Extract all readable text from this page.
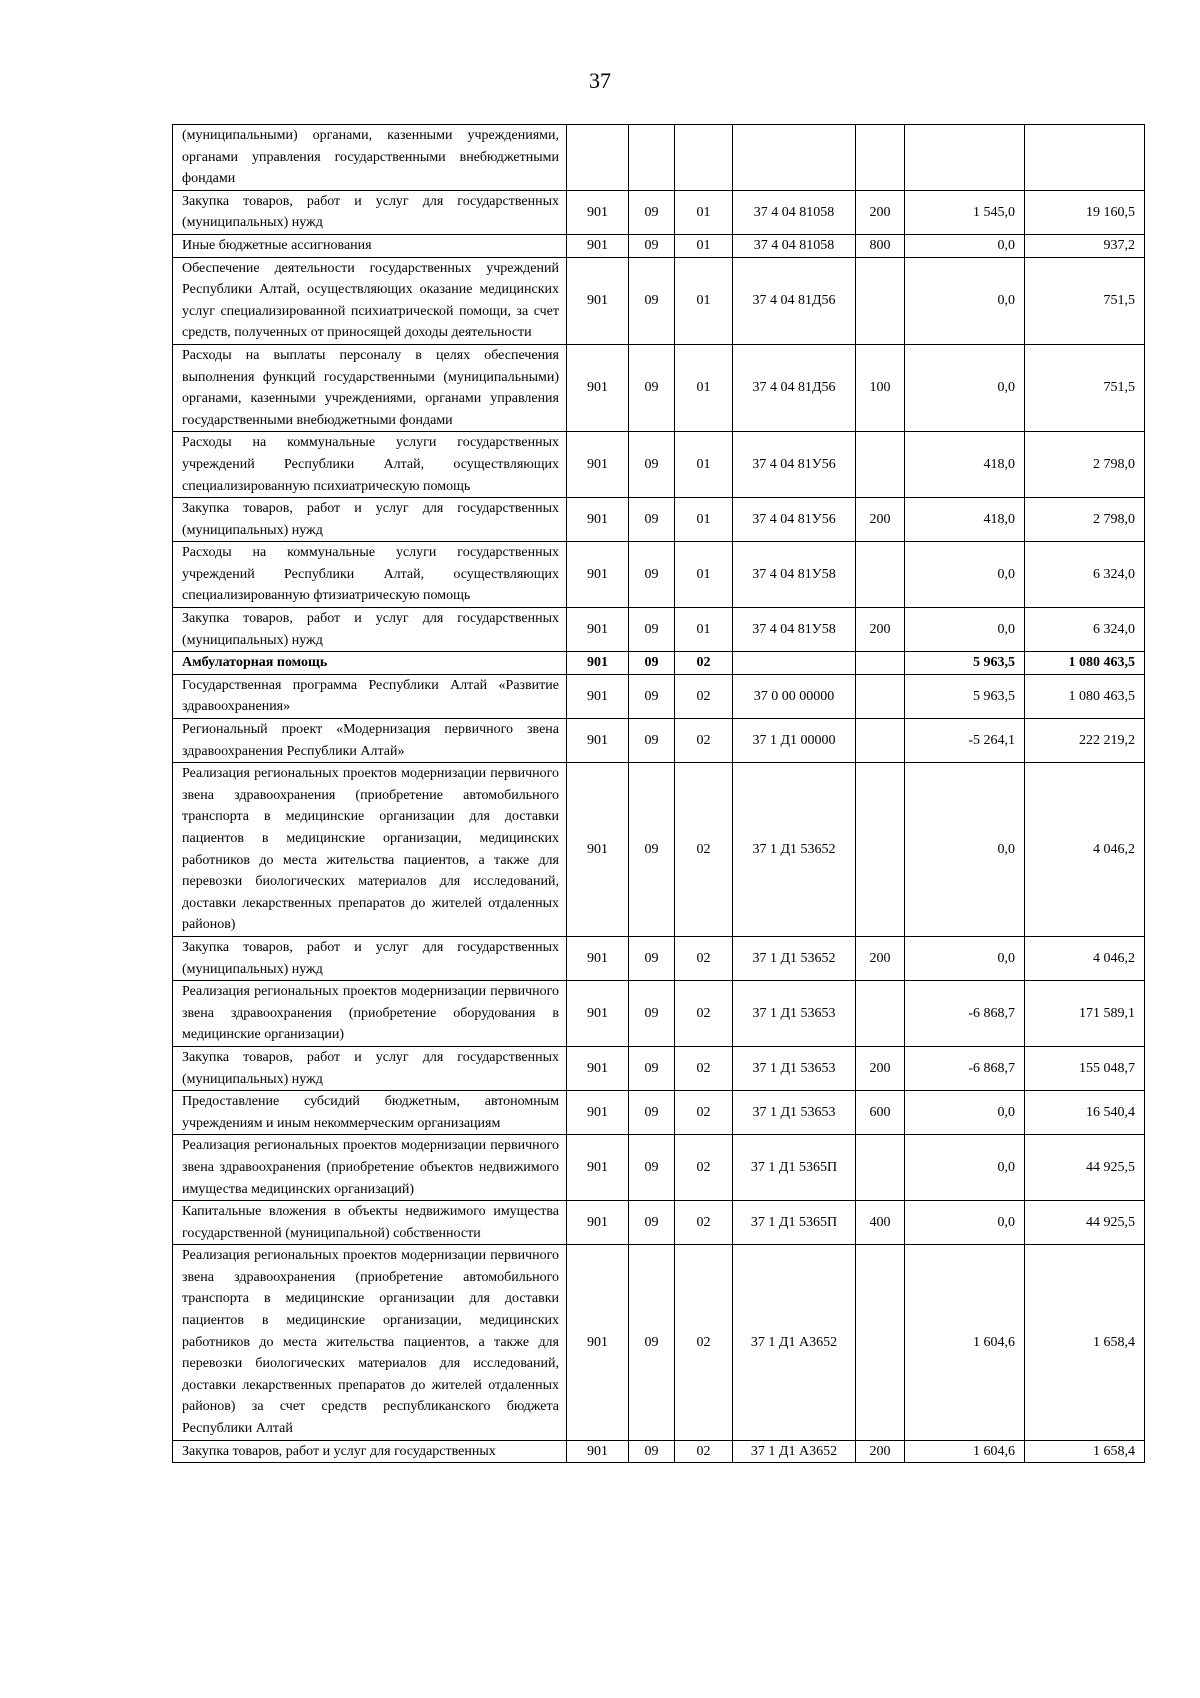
37
(муниципальными) органами, казенными учреждениями, органами управления государственными внебюджетными фондами							
Закупка товаров, работ и услуг для государственных (муниципальных) нужд	901	09	01	37 4 04 81058	200	1 545,0	19 160,5
Иные бюджетные ассигнования	901	09	01	37 4 04 81058	800	0,0	937,2
Обеспечение деятельности государственных учреждений Республики Алтай, осуществляющих оказание медицинских услуг специализированной психиатрической помощи, за счет средств, полученных от приносящей доходы деятельности	901	09	01	37 4 04 81Д56		0,0	751,5
Расходы на выплаты персоналу в целях обеспечения выполнения функций государственными (муниципальными) органами, казенными учреждениями, органами управления государственными внебюджетными фондами	901	09	01	37 4 04 81Д56	100	0,0	751,5
Расходы на коммунальные услуги государственных учреждений Республики Алтай, осуществляющих специализированную психиатрическую помощь	901	09	01	37 4 04 81У56		418,0	2 798,0
Закупка товаров, работ и услуг для государственных (муниципальных) нужд	901	09	01	37 4 04 81У56	200	418,0	2 798,0
Расходы на коммунальные услуги государственных учреждений Республики Алтай, осуществляющих специализированную фтизиатрическую помощь	901	09	01	37 4 04 81У58		0,0	6 324,0
Закупка товаров, работ и услуг для государственных (муниципальных) нужд	901	09	01	37 4 04 81У58	200	0,0	6 324,0
Амбулаторная помощь	901	09	02			5 963,5	1 080 463,5
Государственная программа Республики Алтай «Развитие здравоохранения»	901	09	02	37 0 00 00000		5 963,5	1 080 463,5
Региональный проект «Модернизация первичного звена здравоохранения Республики Алтай»	901	09	02	37 1 Д1 00000		-5 264,1	222 219,2
Реализация региональных проектов модернизации первичного звена здравоохранения (приобретение автомобильного транспорта в медицинские организации для доставки пациентов в медицинские организации, медицинских работников до места жительства пациентов, а также для перевозки биологических материалов для исследований, доставки лекарственных препаратов до жителей отдаленных районов)	901	09	02	37 1 Д1 53652		0,0	4 046,2
Закупка товаров, работ и услуг для государственных (муниципальных) нужд	901	09	02	37 1 Д1 53652	200	0,0	4 046,2
Реализация региональных проектов модернизации первичного звена здравоохранения (приобретение оборудования в медицинские организации)	901	09	02	37 1 Д1 53653		-6 868,7	171 589,1
Закупка товаров, работ и услуг для государственных (муниципальных) нужд	901	09	02	37 1 Д1 53653	200	-6 868,7	155 048,7
Предоставление субсидий бюджетным, автономным учреждениям и иным некоммерческим организациям	901	09	02	37 1 Д1 53653	600	0,0	16 540,4
Реализация региональных проектов модернизации первичного звена здравоохранения (приобретение объектов недвижимого имущества медицинских организаций)	901	09	02	37 1 Д1 5365П		0,0	44 925,5
Капитальные вложения в объекты недвижимого имущества государственной (муниципальной) собственности	901	09	02	37 1 Д1 5365П	400	0,0	44 925,5
Реализация региональных проектов модернизации первичного звена здравоохранения (приобретение автомобильного транспорта в медицинские организации для доставки пациентов в медицинские организации, медицинских работников до места жительства пациентов, а также для перевозки биологических материалов для исследований, доставки лекарственных препаратов до жителей отдаленных районов) за счет средств республиканского бюджета Республики Алтай	901	09	02	37 1 Д1 А3652		1 604,6	1 658,4
Закупка товаров, работ и услуг для государственных	901	09	02	37 1 Д1 А3652	200	1 604,6	1 658,4
